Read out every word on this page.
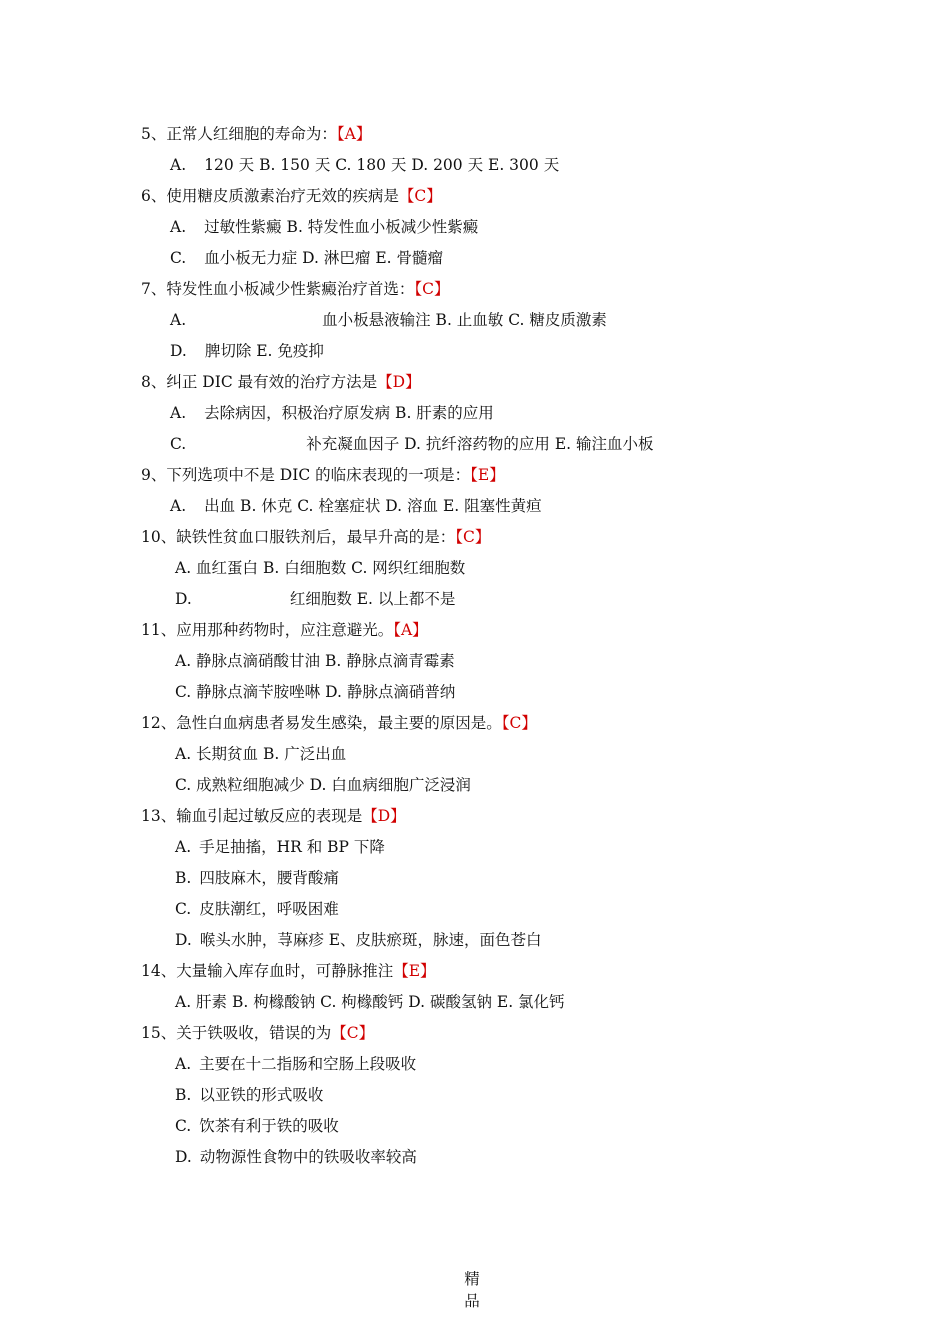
5、正常人红细胞的寿命为：【A】
A. 120 天 B. 150 天 C. 180 天 D. 200 天 E. 300 天
6、使用糖皮质激素治疗无效的疾病是【C】
A. 过敏性紫癜 B. 特发性血小板减少性紫癜
C. 血小板无力症 D. 淋巴瘤 E. 骨髓瘤
7、特发性血小板减少性紫癜治疗首选：【C】
A.	血小板悬液输注 B. 止血敏 C. 糖皮质激素
D. 脾切除 E. 免疫抑
8、纠正 DIC 最有效的治疗方法是【D】
A. 去除病因，积极治疗原发病 B. 肝素的应用
C.	补充凝血因子 D. 抗纤溶药物的应用 E. 输注血小板
9、下列选项中不是 DIC 的临床表现的一项是：【E】
A. 出血 B. 休克 C. 栓塞症状 D. 溶血 E. 阻塞性黄疸
10、缺铁性贫血口服铁剂后，最早升高的是：【C】
A. 血红蛋白 B. 白细胞数 C. 网织红细胞数
D.	红细胞数 E. 以上都不是
11、应用那种药物时，应注意避光。【A】
A. 静脉点滴硝酸甘油 B. 静脉点滴青霉素
C. 静脉点滴苄胺唑啉 D. 静脉点滴硝普纳
12、急性白血病患者易发生感染，最主要的原因是。【C】
A. 长期贫血 B. 广泛出血
C. 成熟粒细胞减少 D. 白血病细胞广泛浸润
13、输血引起过敏反应的表现是【D】
A. 手足抽搐，HR 和 BP 下降
B. 四肢麻木，腰背酸痛
C. 皮肤潮红，呼吸困难
D. 喉头水肿，荨麻疹 E、皮肤瘀斑，脉速，面色苍白
14、大量输入库存血时，可静脉推注【E】
A. 肝素 B. 枸橼酸钠 C. 枸橼酸钙 D. 碳酸氢钠 E. 氯化钙
15、关于铁吸收，错误的为【C】
A. 主要在十二指肠和空肠上段吸收
B. 以亚铁的形式吸收
C. 饮茶有利于铁的吸收
D. 动物源性食物中的铁吸收率较高
精
品
